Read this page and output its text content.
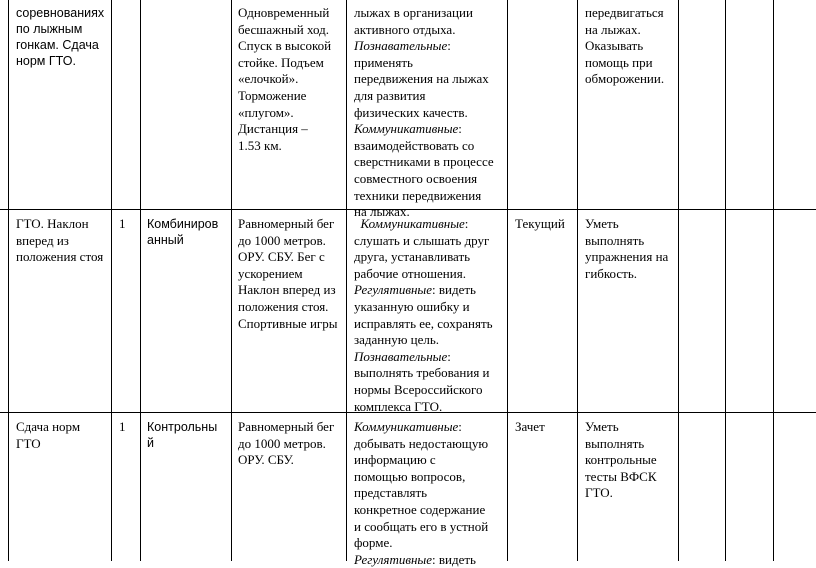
соревнованиях
по лыжным
гонкам. Сдача
норм ГТО.
Одновременный
бесшажный ход.
Спуск в высокой
стойке. Подъем
«елочкой».
Торможение
«плугом».
Дистанция –
1.53 км.
лыжах в организации
активного отдыха.
Познавательные:
применять
передвижения на лыжах
для развития
физических качеств.
Коммуникативные:
взаимодействовать со
сверстниками в процессе
совместного освоения
техники передвижения
на лыжах.
передвигаться
на лыжах.
Оказывать
помощь при
обморожении.
ГТО. Наклон
вперед из
положения стоя
1 Комбиниров
анный
Равномерный бег
до 1000 метров.
ОРУ. СБУ. Бег с
ускорением
Наклон вперед из
положения стоя.
Спортивные игры
Коммуникативные:
слушать и слышать друг
друга, устанавливать
рабочие отношения.
Регулятивные: видеть
указанную ошибку и
исправлять ее, сохранять
заданную цель.
Познавательные:
выполнять требования и
нормы Всероссийского
комплекса ГТО.
Текущий Уметь
выполнять
упражнения на
гибкость.
Сдача норм
ГТО
1 Контрольны
й
Равномерный бег
до 1000 метров.
ОРУ. СБУ.
Коммуникативные:
добывать недостающую
информацию с
помощью вопросов,
представлять
конкретное содержание
и сообщать его в устной
форме.
Регулятивные: видеть
Зачет	Уметь
выполнять
контрольные
тесты ВФСК
ГТО.
